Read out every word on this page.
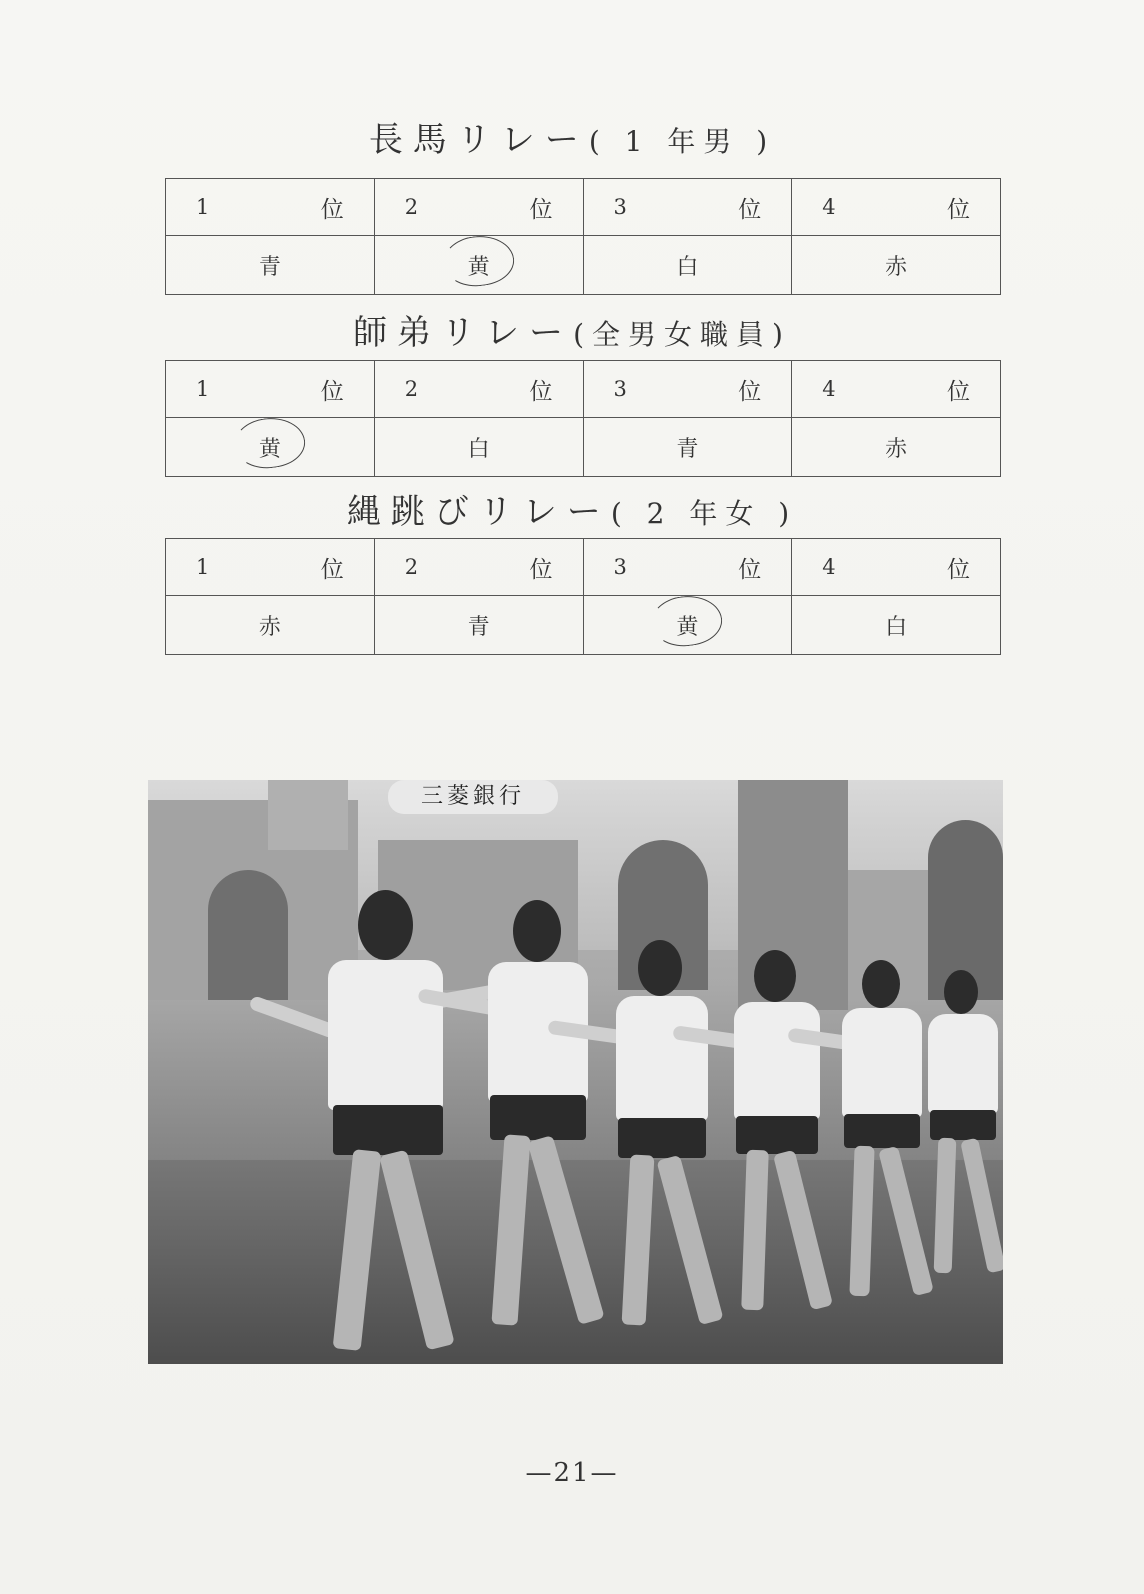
長馬リレー( 1 年男 )
1 位	2 位	3 位	4 位

青	黄	白	赤
師弟リレー(全男女職員)
1 位	2 位	3 位	4 位

黄	白	青	赤
縄跳びリレー( 2 年女 )
1 位	2 位	3 位	4 位

赤	青	黄	白
三菱銀行
—21—
